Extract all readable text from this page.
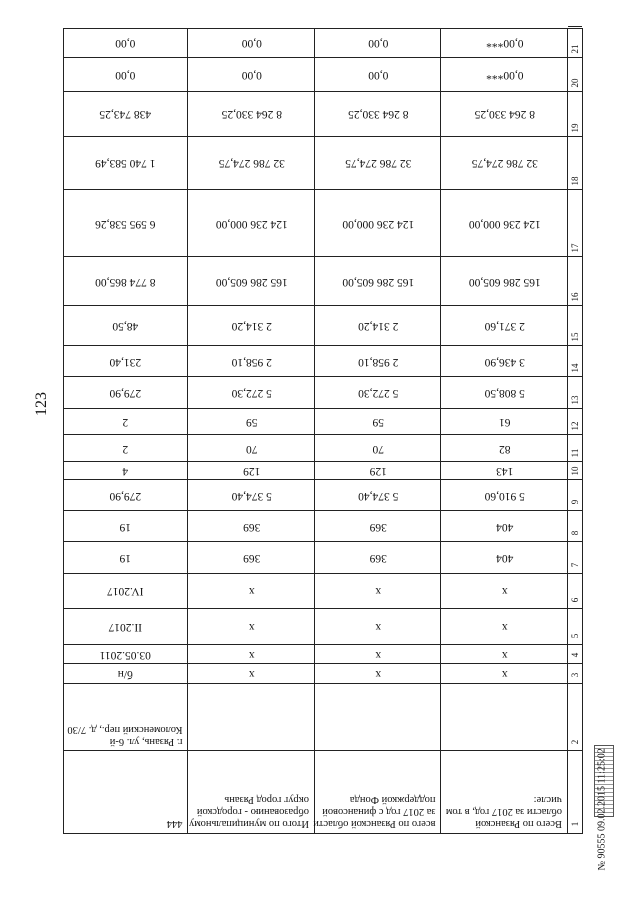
123
№ 90555 09.02.2015 11:25:02
1
2
3
4
5
6
7
8
9
10
11
12
13
14
15
16
17
18
19
20
21
Всего по Рязанской области за 2017 год, в том числе:
х
х
х
х
404
404
5 910,60
143
82
61
5 808,50
3 436,90
2 371,60
165 286 605,00
124 236 000,00
32 786 274,75
8 264 330,25
0,00***
0,00***
всего по Рязанской области за 2017 год с финансовой поддержкой Фонда
х
х
х
х
369
369
5 374,40
129
70
59
5 272,30
2 958,10
2 314,20
165 286 605,00
124 236 000,00
32 786 274,75
8 264 330,25
0,00
0,00
Итого по муниципальному образованию - городской округ город Рязань
х
х
х
х
369
369
5 374,40
129
70
59
5 272,30
2 958,10
2 314,20
165 286 605,00
124 236 000,00
32 786 274,75
8 264 330,25
0,00
0,00
444
г. Рязань, ул. 6-й Коломенский пер., д. 7/30
б/н
03.05.2011
II.2017
IV.2017
19
19
279,90
4
2
2
279,90
231,40
48,50
8 774 865,00
6 595 538,26
1 740 583,49
438 743,25
0,00
0,00
